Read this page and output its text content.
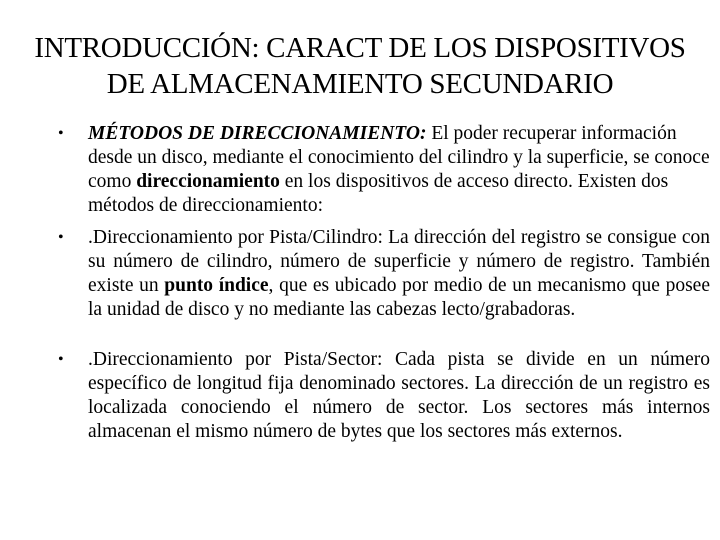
INTRODUCCIÓN: CARACT DE LOS DISPOSITIVOS
DE ALMACENAMIENTO SECUNDARIO
• MÉTODOS DE DIRECCIONAMIENTO: El poder recuperar información desde un disco, mediante el conocimiento del cilindro y la superficie, se conoce como direccionamiento en los dispositivos de acceso directo. Existen dos métodos de direccionamiento:
• .Direccionamiento por Pista/Cilindro: La dirección del registro se consigue con su número de cilindro, número de superficie y número de registro. También existe un punto índice, que es ubicado por medio de un mecanismo que posee la unidad de disco y no mediante las cabezas lecto/grabadoras.
• .Direccionamiento por Pista/Sector: Cada pista se divide en un número específico de longitud fija denominado sectores. La dirección de un registro es localizada conociendo el número de sector. Los sectores más internos almacenan el mismo número de bytes que los sectores más externos.
